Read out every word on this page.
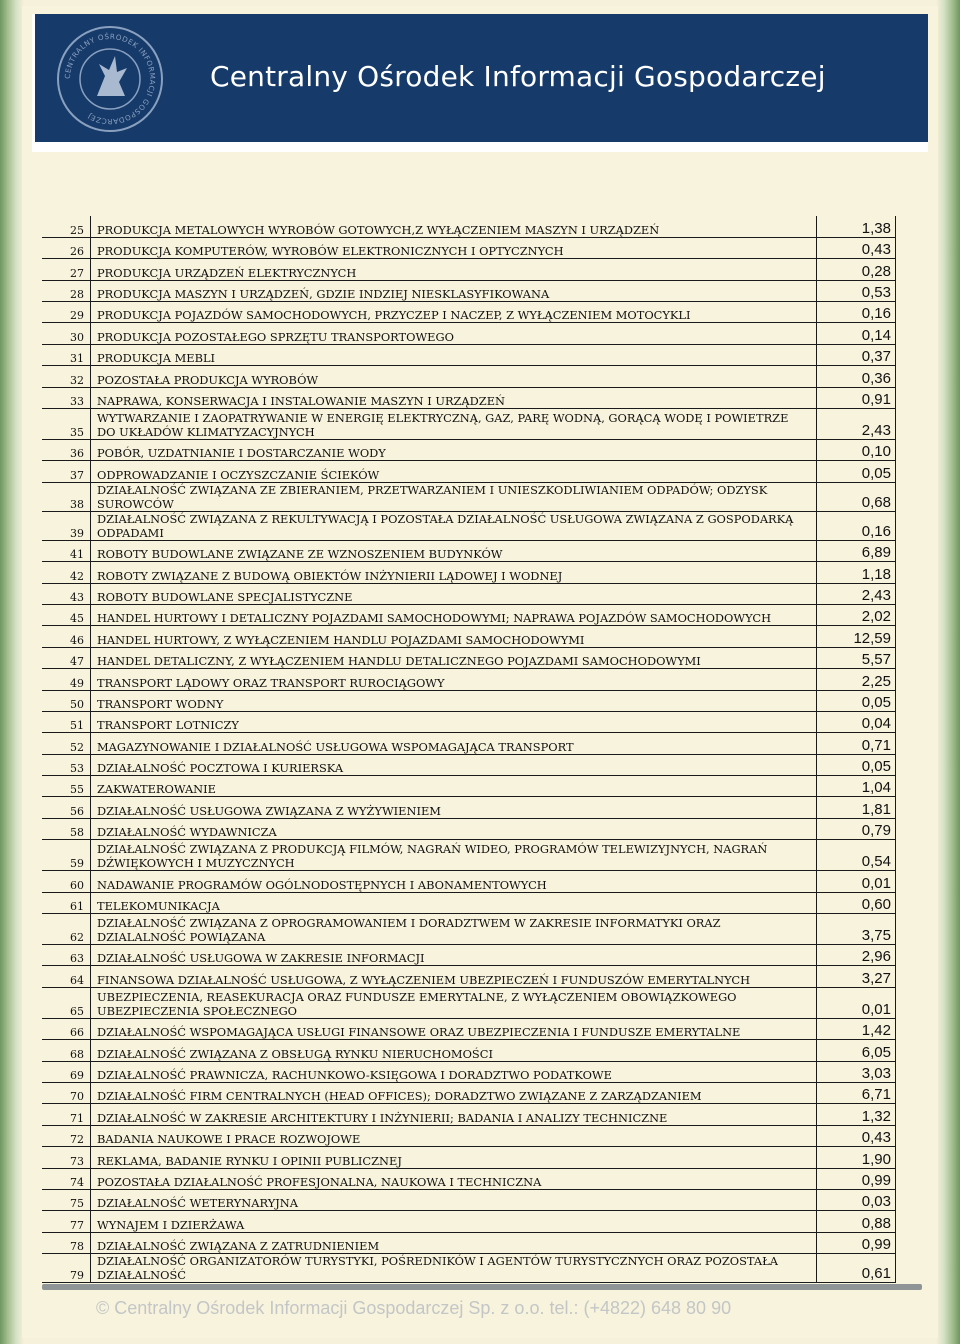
CENTRALNY OŚRODEK INFORMACJI GOSPODARCZEJ
Centralny Ośrodek Informacji Gospodarczej
25	PRODUKCJA METALOWYCH WYROBÓW GOTOWYCH,Z WYŁĄCZENIEM MASZYN I URZĄDZEŃ	1,38
26	PRODUKCJA KOMPUTERÓW, WYROBÓW ELEKTRONICZNYCH I OPTYCZNYCH	0,43
27	PRODUKCJA URZĄDZEŃ ELEKTRYCZNYCH	0,28
28	PRODUKCJA MASZYN I URZĄDZEŃ, GDZIE INDZIEJ NIESKLASYFIKOWANA	0,53
29	PRODUKCJA POJAZDÓW SAMOCHODOWYCH, PRZYCZEP I NACZEP, Z WYŁĄCZENIEM MOTOCYKLI	0,16
30	PRODUKCJA POZOSTAŁEGO SPRZĘTU TRANSPORTOWEGO	0,14
31	PRODUKCJA MEBLI	0,37
32	POZOSTAŁA PRODUKCJA WYROBÓW	0,36
33	NAPRAWA, KONSERWACJA I INSTALOWANIE MASZYN I URZĄDZEŃ	0,91
35	WYTWARZANIE I ZAOPATRYWANIE W ENERGIĘ ELEKTRYCZNĄ, GAZ, PARĘ WODNĄ, GORĄCĄ WODĘ I POWIETRZE DO UKŁADÓW KLIMATYZACYJNYCH	2,43
36	POBÓR, UZDATNIANIE I DOSTARCZANIE WODY	0,10
37	ODPROWADZANIE I OCZYSZCZANIE ŚCIEKÓW	0,05
38	DZIAŁALNOŚĆ ZWIĄZANA ZE ZBIERANIEM, PRZETWARZANIEM I UNIESZKODLIWIANIEM ODPADÓW; ODZYSK SUROWCÓW	0,68
39	DZIAŁALNOŚĆ ZWIĄZANA Z REKULTYWACJĄ I POZOSTAŁA DZIAŁALNOŚĆ USŁUGOWA ZWIĄZANA Z GOSPODARKĄ ODPADAMI	0,16
41	ROBOTY BUDOWLANE ZWIĄZANE ZE WZNOSZENIEM BUDYNKÓW	6,89
42	ROBOTY ZWIĄZANE Z BUDOWĄ OBIEKTÓW INŻYNIERII LĄDOWEJ I WODNEJ	1,18
43	ROBOTY BUDOWLANE SPECJALISTYCZNE	2,43
45	HANDEL HURTOWY I DETALICZNY POJAZDAMI SAMOCHODOWYMI; NAPRAWA POJAZDÓW SAMOCHODOWYCH	2,02
46	HANDEL HURTOWY, Z WYŁĄCZENIEM HANDLU POJAZDAMI SAMOCHODOWYMI	12,59
47	HANDEL DETALICZNY, Z WYŁĄCZENIEM HANDLU DETALICZNEGO POJAZDAMI SAMOCHODOWYMI	5,57
49	TRANSPORT LĄDOWY ORAZ TRANSPORT RUROCIĄGOWY	2,25
50	TRANSPORT WODNY	0,05
51	TRANSPORT LOTNICZY	0,04
52	MAGAZYNOWANIE I DZIAŁALNOŚĆ USŁUGOWA WSPOMAGAJĄCA TRANSPORT	0,71
53	DZIAŁALNOŚĆ POCZTOWA I KURIERSKA	0,05
55	ZAKWATEROWANIE	1,04
56	DZIAŁALNOŚĆ USŁUGOWA ZWIĄZANA Z WYŻYWIENIEM	1,81
58	DZIAŁALNOŚĆ WYDAWNICZA	0,79
59	DZIAŁALNOŚĆ ZWIĄZANA Z PRODUKCJĄ FILMÓW, NAGRAŃ WIDEO, PROGRAMÓW TELEWIZYJNYCH, NAGRAŃ DŹWIĘKOWYCH I MUZYCZNYCH	0,54
60	NADAWANIE PROGRAMÓW OGÓLNODOSTĘPNYCH I ABONAMENTOWYCH	0,01
61	TELEKOMUNIKACJA	0,60
62	DZIAŁALNOŚĆ ZWIĄZANA Z OPROGRAMOWANIEM I DORADZTWEM W ZAKRESIE INFORMATYKI ORAZ DZIALALNOŚĆ POWIĄZANA	3,75
63	DZIAŁALNOŚĆ USŁUGOWA W ZAKRESIE INFORMACJI	2,96
64	FINANSOWA DZIAŁALNOŚĆ USŁUGOWA, Z WYŁĄCZENIEM UBEZPIECZEŃ I FUNDUSZÓW EMERYTALNYCH	3,27
65	UBEZPIECZENIA, REASEKURACJA ORAZ FUNDUSZE EMERYTALNE, Z WYŁĄCZENIEM OBOWIĄZKOWEGO UBEZPIECZENIA SPOŁECZNEGO	0,01
66	DZIAŁALNOŚĆ WSPOMAGAJĄCA USŁUGI FINANSOWE ORAZ UBEZPIECZENIA I FUNDUSZE EMERYTALNE	1,42
68	DZIAŁALNOŚĆ ZWIĄZANA Z OBSŁUGĄ RYNKU NIERUCHOMOŚCI	6,05
69	DZIAŁALNOŚĆ PRAWNICZA, RACHUNKOWO-KSIĘGOWA I DORADZTWO PODATKOWE	3,03
70	DZIAŁALNOŚĆ FIRM CENTRALNYCH (HEAD OFFICES); DORADZTWO ZWIĄZANE Z ZARZĄDZANIEM	6,71
71	DZIAŁALNOŚĆ W ZAKRESIE ARCHITEKTURY I INŻYNIERII; BADANIA I ANALIZY TECHNICZNE	1,32
72	BADANIA NAUKOWE I PRACE ROZWOJOWE	0,43
73	REKLAMA, BADANIE RYNKU I OPINII PUBLICZNEJ	1,90
74	POZOSTAŁA DZIAŁALNOŚĆ PROFESJONALNA, NAUKOWA I TECHNICZNA	0,99
75	DZIAŁALNOŚĆ WETERYNARYJNA	0,03
77	WYNAJEM I DZIERŻAWA	0,88
78	DZIAŁALNOŚĆ ZWIĄZANA Z ZATRUDNIENIEM	0,99
79	DZIAŁALNOŚĆ ORGANIZATORÓW TURYSTYKI, POŚREDNIKÓW I AGENTÓW TURYSTYCZNYCH ORAZ POZOSTAŁA DZIAŁALNOŚĆ	0,61
© Centralny Ośrodek Informacji Gospodarczej Sp. z o.o. tel.: (+4822) 648 80 90
